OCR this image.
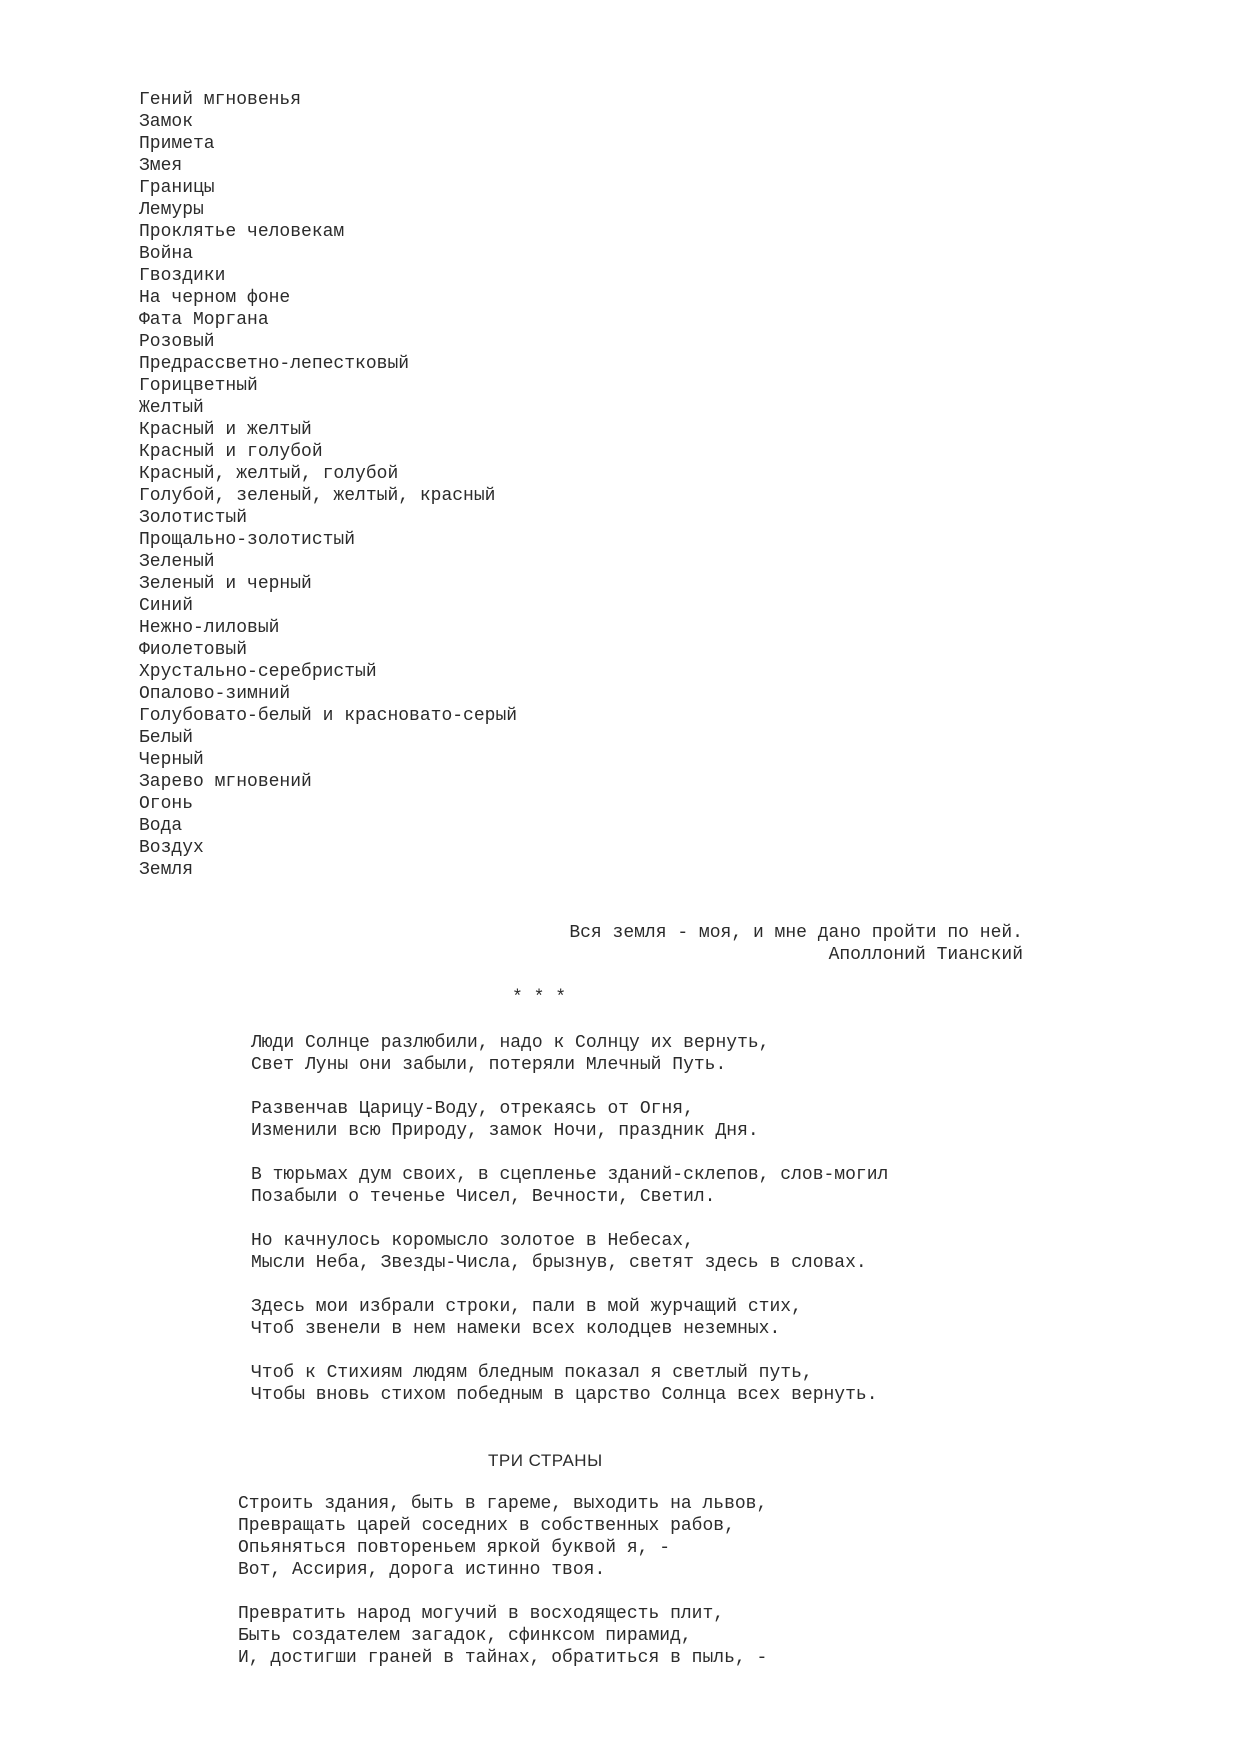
Гений мгновенья
Замок
Примета
Змея
Границы
Лемуры
Проклятье человекам
Война
Гвоздики
На черном фоне
Фата Моргана
Розовый
Предрассветно-лепестковый
Горицветный
Желтый
Красный и желтый
Красный и голубой
Красный, желтый, голубой
Голубой, зеленый, желтый, красный
Золотистый
Прощально-золотистый
Зеленый
Зеленый и черный
Синий
Нежно-лиловый
Фиолетовый
Хрустально-серебристый
Опалово-зимний
Голубовато-белый и красновато-серый
Белый
Черный
Зарево мгновений
Огонь
Вода
Воздух
Земля
Вся земля - моя, и мне дано пройти по ней.
Аполлоний Тианский
* * *
Люди Солнце разлюбили, надо к Солнцу их вернуть,
Свет Луны они забыли, потеряли Млечный Путь.
Развенчав Царицу-Воду, отрекаясь от Огня,
Изменили всю Природу, замок Ночи, праздник Дня.
В тюрьмах дум своих, в сцепленье зданий-склепов, слов-могил
Позабыли о теченье Чисел, Вечности, Светил.
Но качнулось коромысло золотое в Небесах,
Мысли Неба, Звезды-Числа, брызнув, светят здесь в словах.
Здесь мои избрали строки, пали в мой журчащий стих,
Чтоб звенели в нем намеки всех колодцев неземных.
Чтоб к Стихиям людям бледным показал я светлый путь,
Чтобы вновь стихом победным в царство Солнца всех вернуть.
ТРИ СТРАНЫ
Строить здания, быть в гареме, выходить на львов,
Превращать царей соседних в собственных рабов,
Опьяняться повтореньем яркой буквой я, -
Вот, Ассирия, дорога истинно твоя.
Превратить народ могучий в восходящесть плит,
Быть создателем загадок, сфинксом пирамид,
И, достигши граней в тайнах, обратиться в пыль, -
